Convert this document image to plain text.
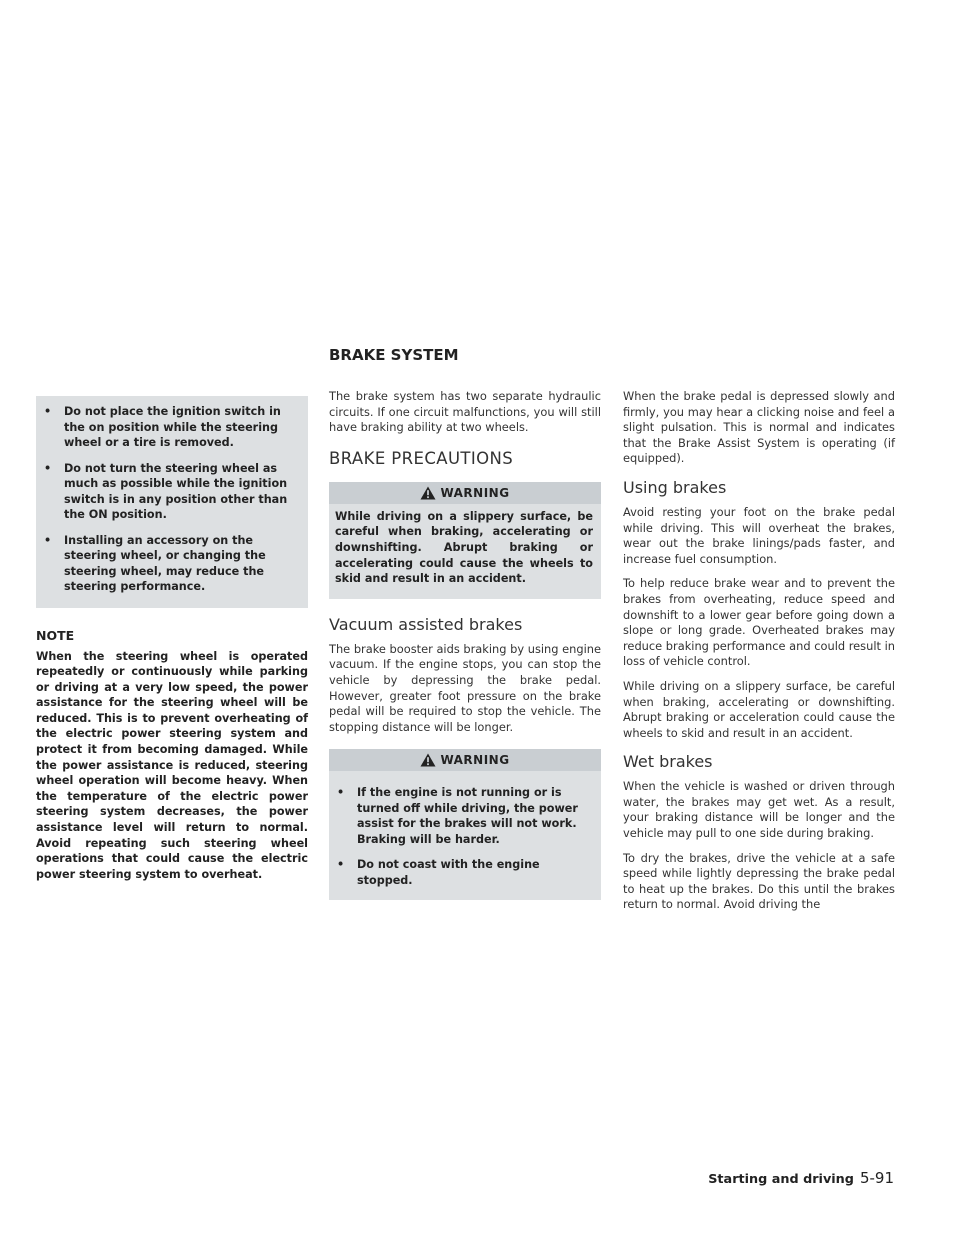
BRAKE SYSTEM
•	Do not place the ignition switch in the on position while the steering wheel or a tire is removed.
•	Do not turn the steering wheel as much as possible while the ignition switch is in any position other than the ON position.
•	Installing an accessory on the steering wheel, or changing the steering wheel, may reduce the steering performance.
NOTE

When the steering wheel is operated repeatedly or continuously while parking or driving at a very low speed, the power assistance for the steering wheel will be reduced. This is to prevent overheating of the electric power steering system and protect it from becoming damaged. While the power assistance is reduced, steering wheel operation will become heavy. When the temperature of the electric power steering system decreases, the power assistance level will return to normal. Avoid repeating such steering wheel operations that could cause the electric power steering system to overheat.

The brake system has two separate hydraulic circuits. If one circuit malfunctions, you will still have braking ability at two wheels.

BRAKE PRECAUTIONS
WARNING

While driving on a slippery surface, be careful when braking, accelerating or downshifting. Abrupt braking or accelerating could cause the wheels to skid and result in an accident.

Vacuum assisted brakes

The brake booster aids braking by using engine vacuum. If the engine stops, you can stop the vehicle by depressing the brake pedal. However, greater foot pressure on the brake pedal will be required to stop the vehicle. The stopping distance will be longer.

WARNING
•	If the engine is not running or is turned off while driving, the power assist for the brakes will not work. Braking will be harder.
•	Do not coast with the engine stopped.

When the brake pedal is depressed slowly and firmly, you may hear a clicking noise and feel a slight pulsation. This is normal and indicates that the Brake Assist System is operating (if equipped).

Using brakes

Avoid resting your foot on the brake pedal while driving. This will overheat the brakes, wear out the brake linings/pads faster, and increase fuel consumption.

To help reduce brake wear and to prevent the brakes from overheating, reduce speed and downshift to a lower gear before going down a slope or long grade. Overheated brakes may reduce braking performance and could result in loss of vehicle control.

While driving on a slippery surface, be careful when braking, accelerating or downshifting. Abrupt braking or acceleration could cause the wheels to skid and result in an accident.

Wet brakes

When the vehicle is washed or driven through water, the brakes may get wet. As a result, your braking distance will be longer and the vehicle may pull to one side during braking.

To dry the brakes, drive the vehicle at a safe speed while lightly depressing the brake pedal to heat up the brakes. Do this until the brakes return to normal. Avoid driving the

Starting and driving 5-91
